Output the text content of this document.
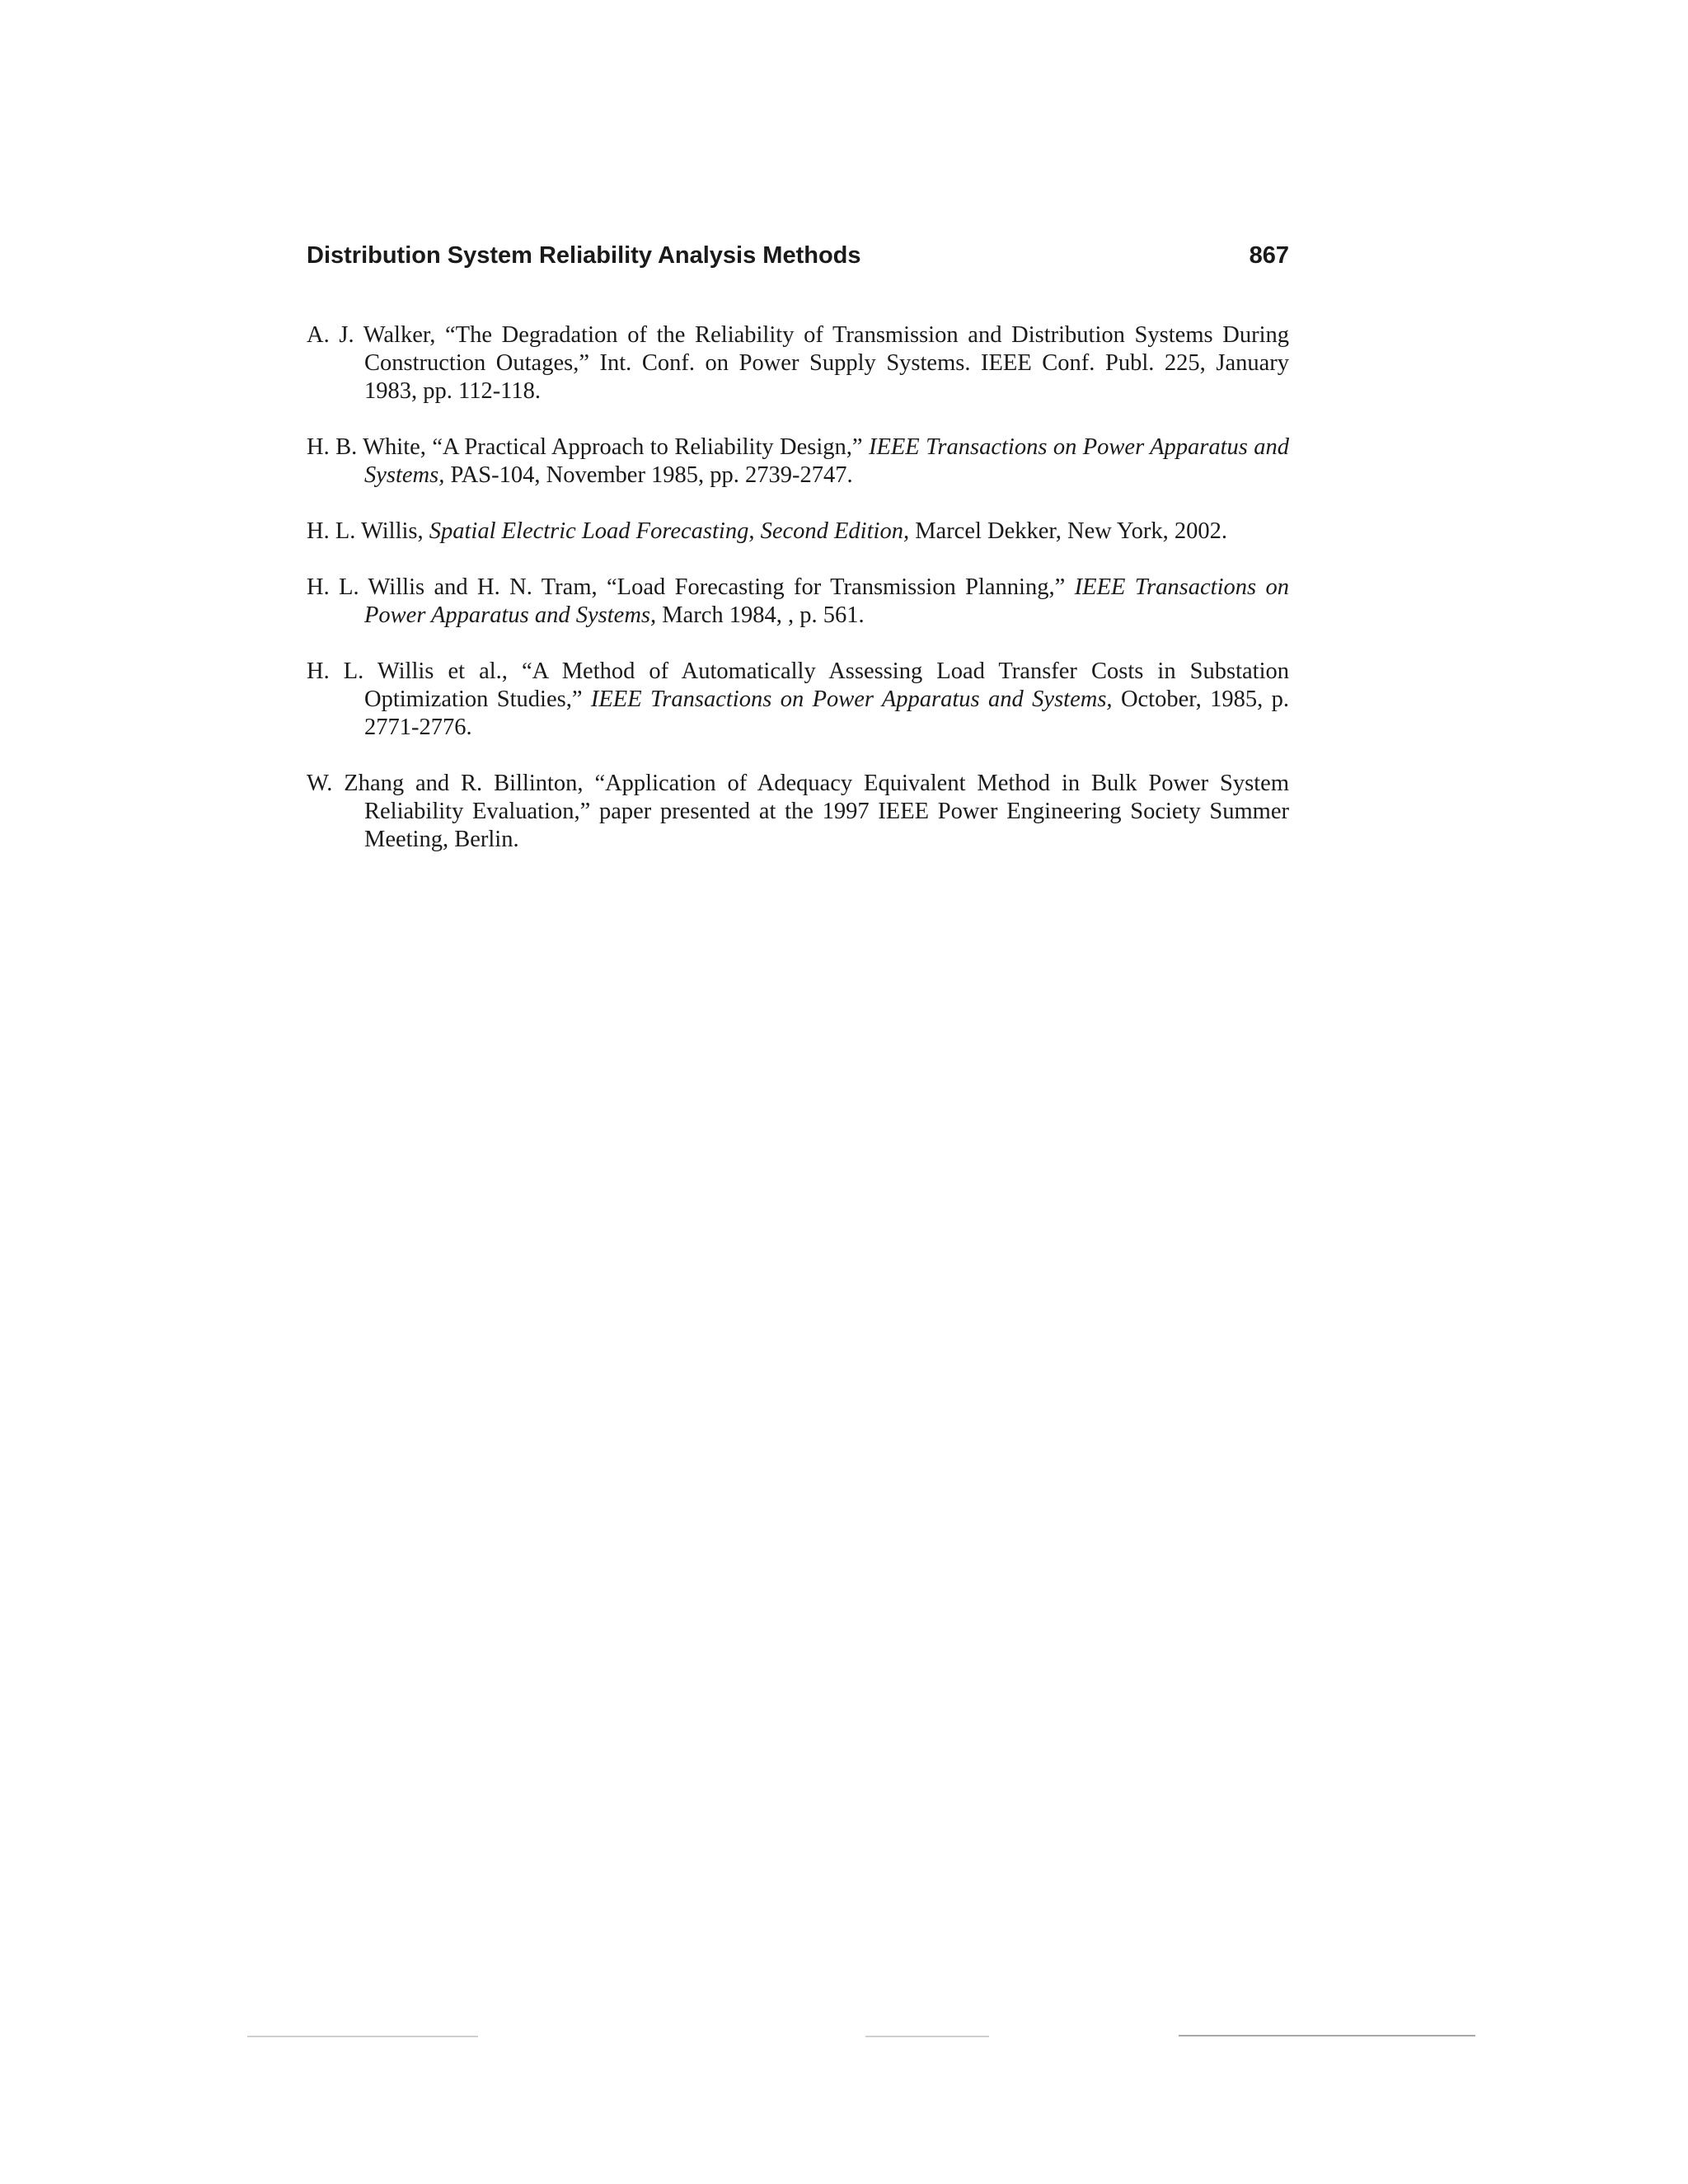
Distribution System Reliability Analysis Methods	867

A. J. Walker, “The Degradation of the Reliability of Transmission and Distribution Systems During Construction Outages,” Int. Conf. on Power Supply Systems. IEEE Conf. Publ. 225, January 1983, pp. 112-118.

H. B. White, “A Practical Approach to Reliability Design,” IEEE Transactions on Power Apparatus and Systems, PAS-104, November 1985, pp. 2739-2747.

H. L. Willis, Spatial Electric Load Forecasting, Second Edition, Marcel Dekker, New York, 2002.

H. L. Willis and H. N. Tram, “Load Forecasting for Transmission Planning,” IEEE Transactions on Power Apparatus and Systems, March 1984, , p. 561.

H. L. Willis et al., “A Method of Automatically Assessing Load Transfer Costs in Substation Optimization Studies,” IEEE Transactions on Power Apparatus and Systems, October, 1985, p. 2771-2776.

W. Zhang and R. Billinton, “Application of Adequacy Equivalent Method in Bulk Power System Reliability Evaluation,” paper presented at the 1997 IEEE Power Engineering Society Summer Meeting, Berlin.
